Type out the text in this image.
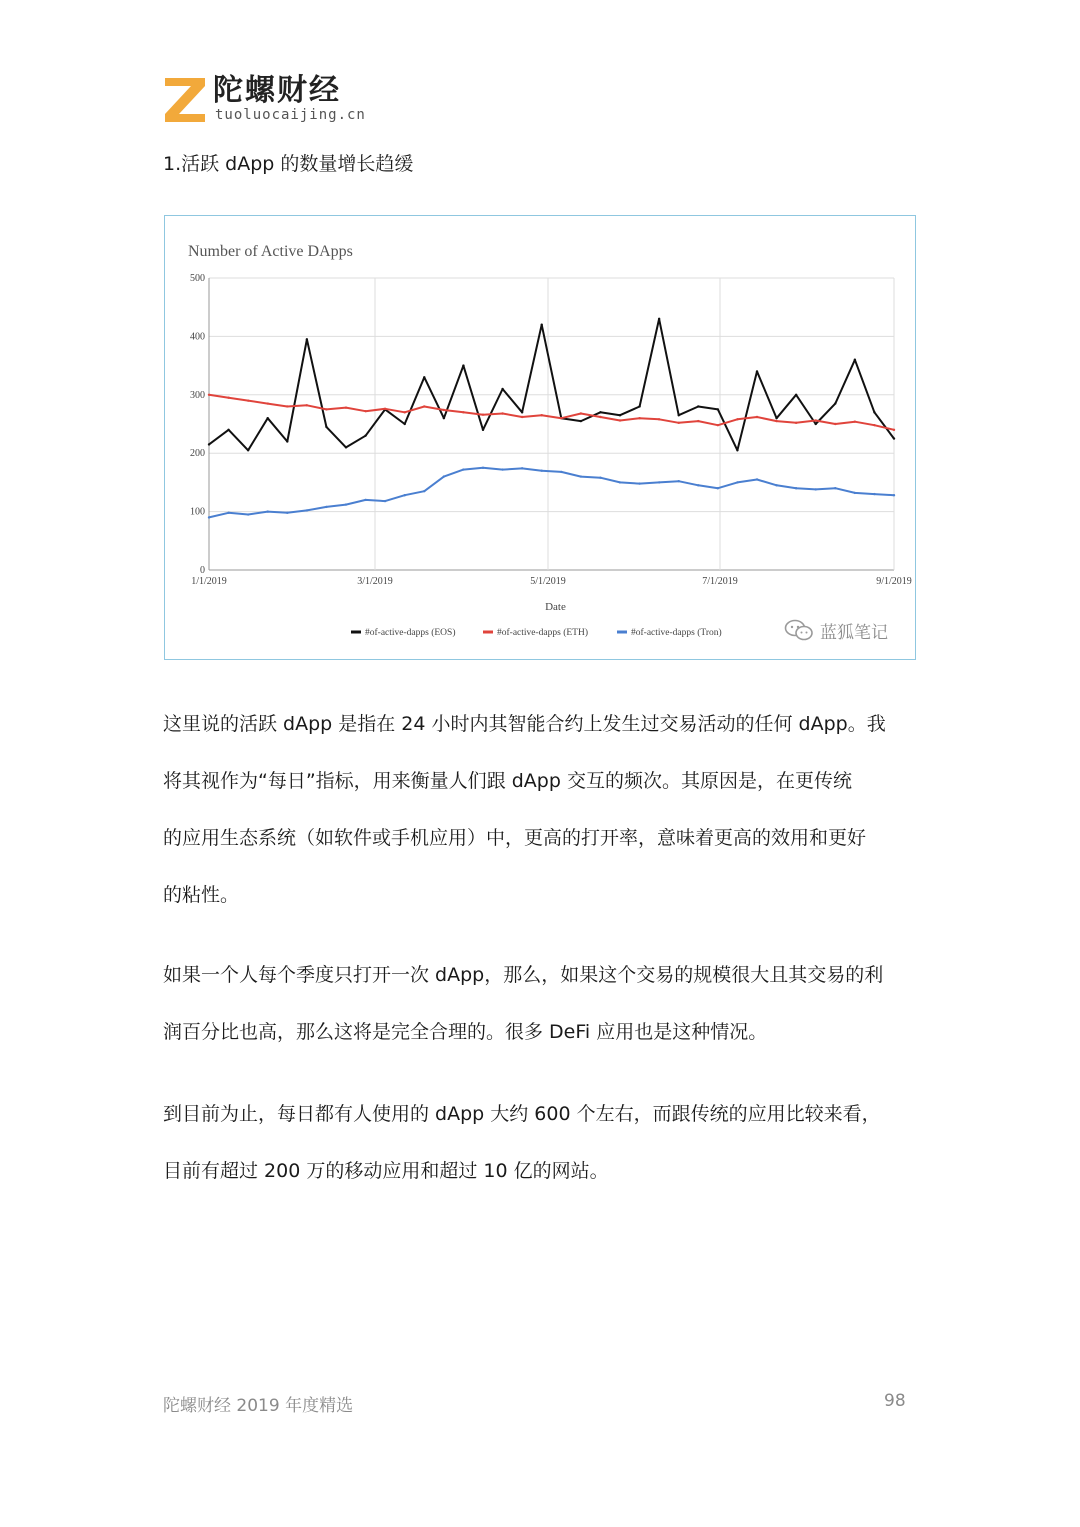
陀螺财经
tuoluocaijing.cn
1.活跃 dApp 的数量增长趋缓
Number of Active DApps
0
100
200
300
400
500
1/1/2019	3/1/2019	5/1/2019	7/1/2019	9/1/2019
Date
#of-active-dapps (EOS)	#of-active-dapps (ETH)	#of-active-dapps (Tron)	蓝狐笔记
这里说的活跃 dApp 是指在 24 小时内其智能合约上发生过交易活动的任何 dApp。我
将其视作为“每日”指标，用来衡量人们跟 dApp 交互的频次。其原因是，在更传统
的应用生态系统（如软件或手机应用）中，更高的打开率，意味着更高的效用和更好
的粘性。
如果一个人每个季度只打开一次 dApp，那么，如果这个交易的规模很大且其交易的利
润百分比也高，那么这将是完全合理的。很多 DeFi 应用也是这种情况。
到目前为止，每日都有人使用的 dApp 大约 600 个左右，而跟传统的应用比较来看，
目前有超过 200 万的移动应用和超过 10 亿的网站。
陀螺财经 2019 年度精选	98
